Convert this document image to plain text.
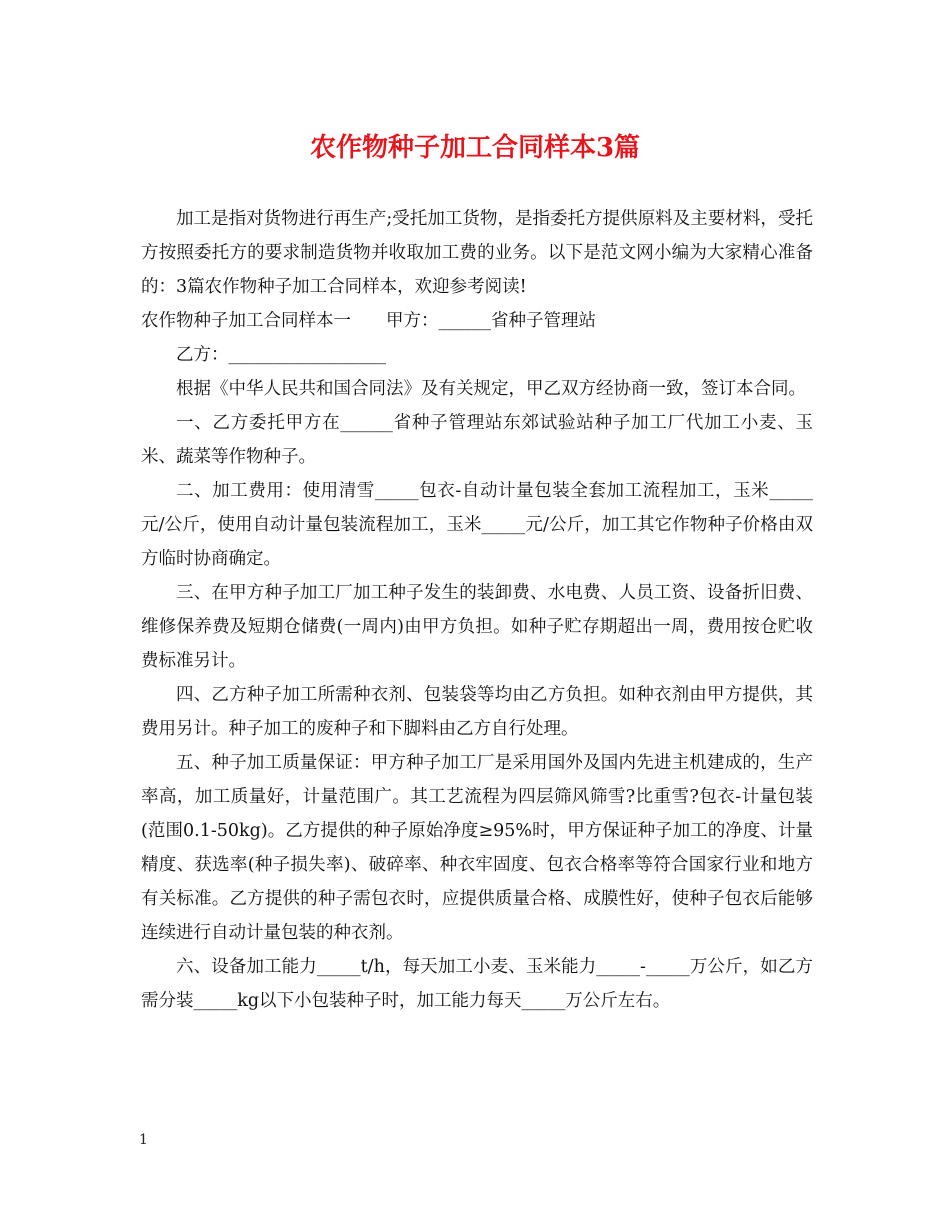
农作物种子加工合同样本3篇

加工是指对货物进行再生产;受托加工货物，是指委托方提供原料及主要材料，受托方按照委托方的要求制造货物并收取加工费的业务。以下是范文网小编为大家精心准备的：3篇农作物种子加工合同样本，欢迎参考阅读!

农作物种子加工合同样本一　　甲方：______省种子管理站

乙方：__________________

根据《中华人民共和国合同法》及有关规定，甲乙双方经协商一致，签订本合同。

一、乙方委托甲方在______省种子管理站东郊试验站种子加工厂代加工小麦、玉米、蔬菜等作物种子。

二、加工费用：使用清雪_____包衣-自动计量包装全套加工流程加工，玉米_____元/公斤，使用自动计量包装流程加工，玉米_____元/公斤，加工其它作物种子价格由双方临时协商确定。

三、在甲方种子加工厂加工种子发生的装卸费、水电费、人员工资、设备折旧费、维修保养费及短期仓储费(一周内)由甲方负担。如种子贮存期超出一周，费用按仓贮收费标准另计。

四、乙方种子加工所需种衣剂、包装袋等均由乙方负担。如种衣剂由甲方提供，其费用另计。种子加工的废种子和下脚料由乙方自行处理。

五、种子加工质量保证：甲方种子加工厂是采用国外及国内先进主机建成的，生产率高，加工质量好，计量范围广。其工艺流程为四层筛风筛雪?比重雪?包衣-计量包装(范围0.1-50kg)。乙方提供的种子原始净度≥95%时，甲方保证种子加工的净度、计量精度、获选率(种子损失率)、破碎率、种衣牢固度、包衣合格率等符合国家行业和地方有关标准。乙方提供的种子需包衣时，应提供质量合格、成膜性好，使种子包衣后能够连续进行自动计量包装的种衣剂。

六、设备加工能力_____t/h，每天加工小麦、玉米能力_____-_____万公斤，如乙方需分装_____kg以下小包装种子时，加工能力每天_____万公斤左右。

1
